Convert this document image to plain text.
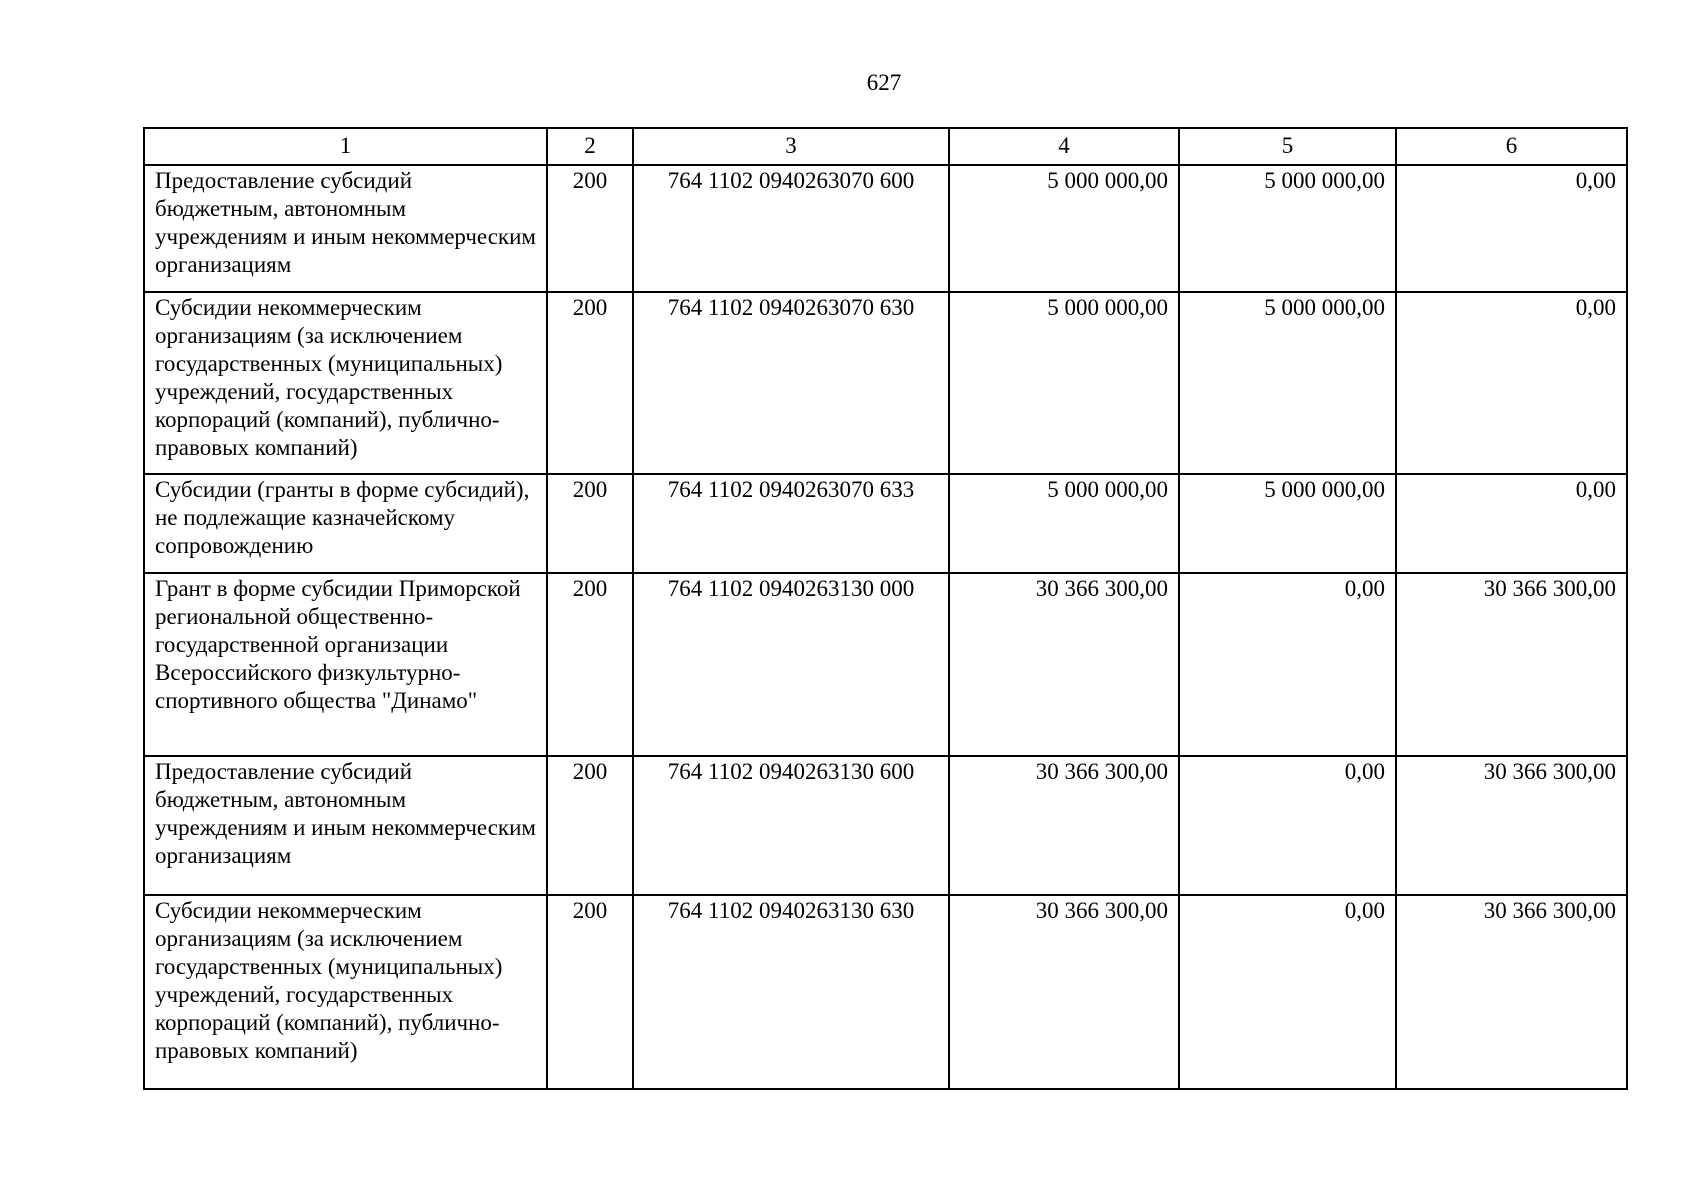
627
1	2	3	4	5	6
Предоставление субсидий бюджетным, автономным учреждениям и иным некоммерческим организациям	200	764 1102 0940263070 600	5 000 000,00	5 000 000,00	0,00
Субсидии некоммерческим организациям (за исключением государственных (муниципальных) учреждений, государственных корпораций (компаний), публично-правовых компаний)	200	764 1102 0940263070 630	5 000 000,00	5 000 000,00	0,00
Субсидии (гранты в форме субсидий), не подлежащие казначейскому сопровождению	200	764 1102 0940263070 633	5 000 000,00	5 000 000,00	0,00
Грант в форме субсидии Приморской региональной общественно-государственной организации Всероссийского физкультурно-спортивного общества "Динамо"	200	764 1102 0940263130 000	30 366 300,00	0,00	30 366 300,00
Предоставление субсидий бюджетным, автономным учреждениям и иным некоммерческим организациям	200	764 1102 0940263130 600	30 366 300,00	0,00	30 366 300,00
Субсидии некоммерческим организациям (за исключением государственных (муниципальных) учреждений, государственных корпораций (компаний), публично-правовых компаний)	200	764 1102 0940263130 630	30 366 300,00	0,00	30 366 300,00
